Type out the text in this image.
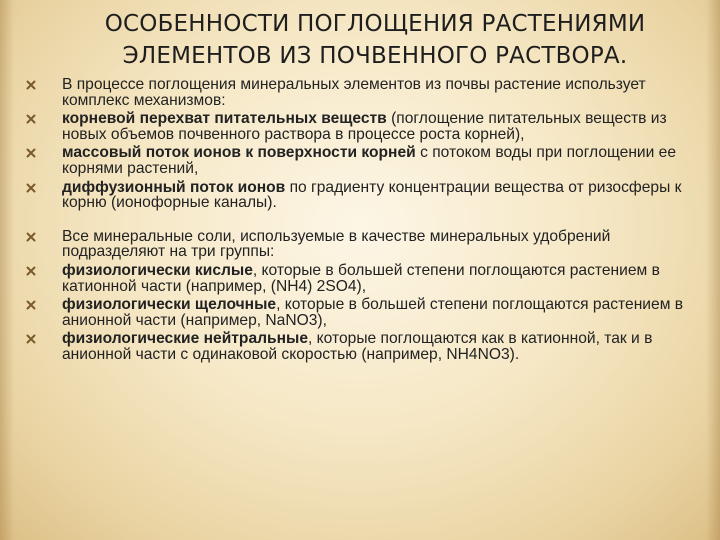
ОСОБЕННОСТИ ПОГЛОЩЕНИЯ РАСТЕНИЯМИ
ЭЛЕМЕНТОВ ИЗ ПОЧВЕННОГО РАСТВОРА.
В процессе поглощения минеральных элементов из почвы растение использует комплекс механизмов:
корневой перехват питательных веществ (поглощение питательных веществ из новых объемов почвенного раствора в процессе роста корней),
массовый поток ионов к поверхности корней с потоком воды при поглощении ее корнями растений,
диффузионный поток ионов по градиенту концентрации вещества от ризосферы к корню (ионофорные каналы).
Все минеральные соли, используемые в качестве минеральных удобрений подразделяют на три группы:
физиологически кислые, которые в большей степени поглощаются растением в катионной части (например, (NH4) 2SO4),
физиологически щелочные, которые в большей степени поглощаются растением в анионной части (например, NaNO3),
физиологические нейтральные, которые поглощаются как в катионной, так и в анионной части с одинаковой скоростью (например, NH4NO3).
